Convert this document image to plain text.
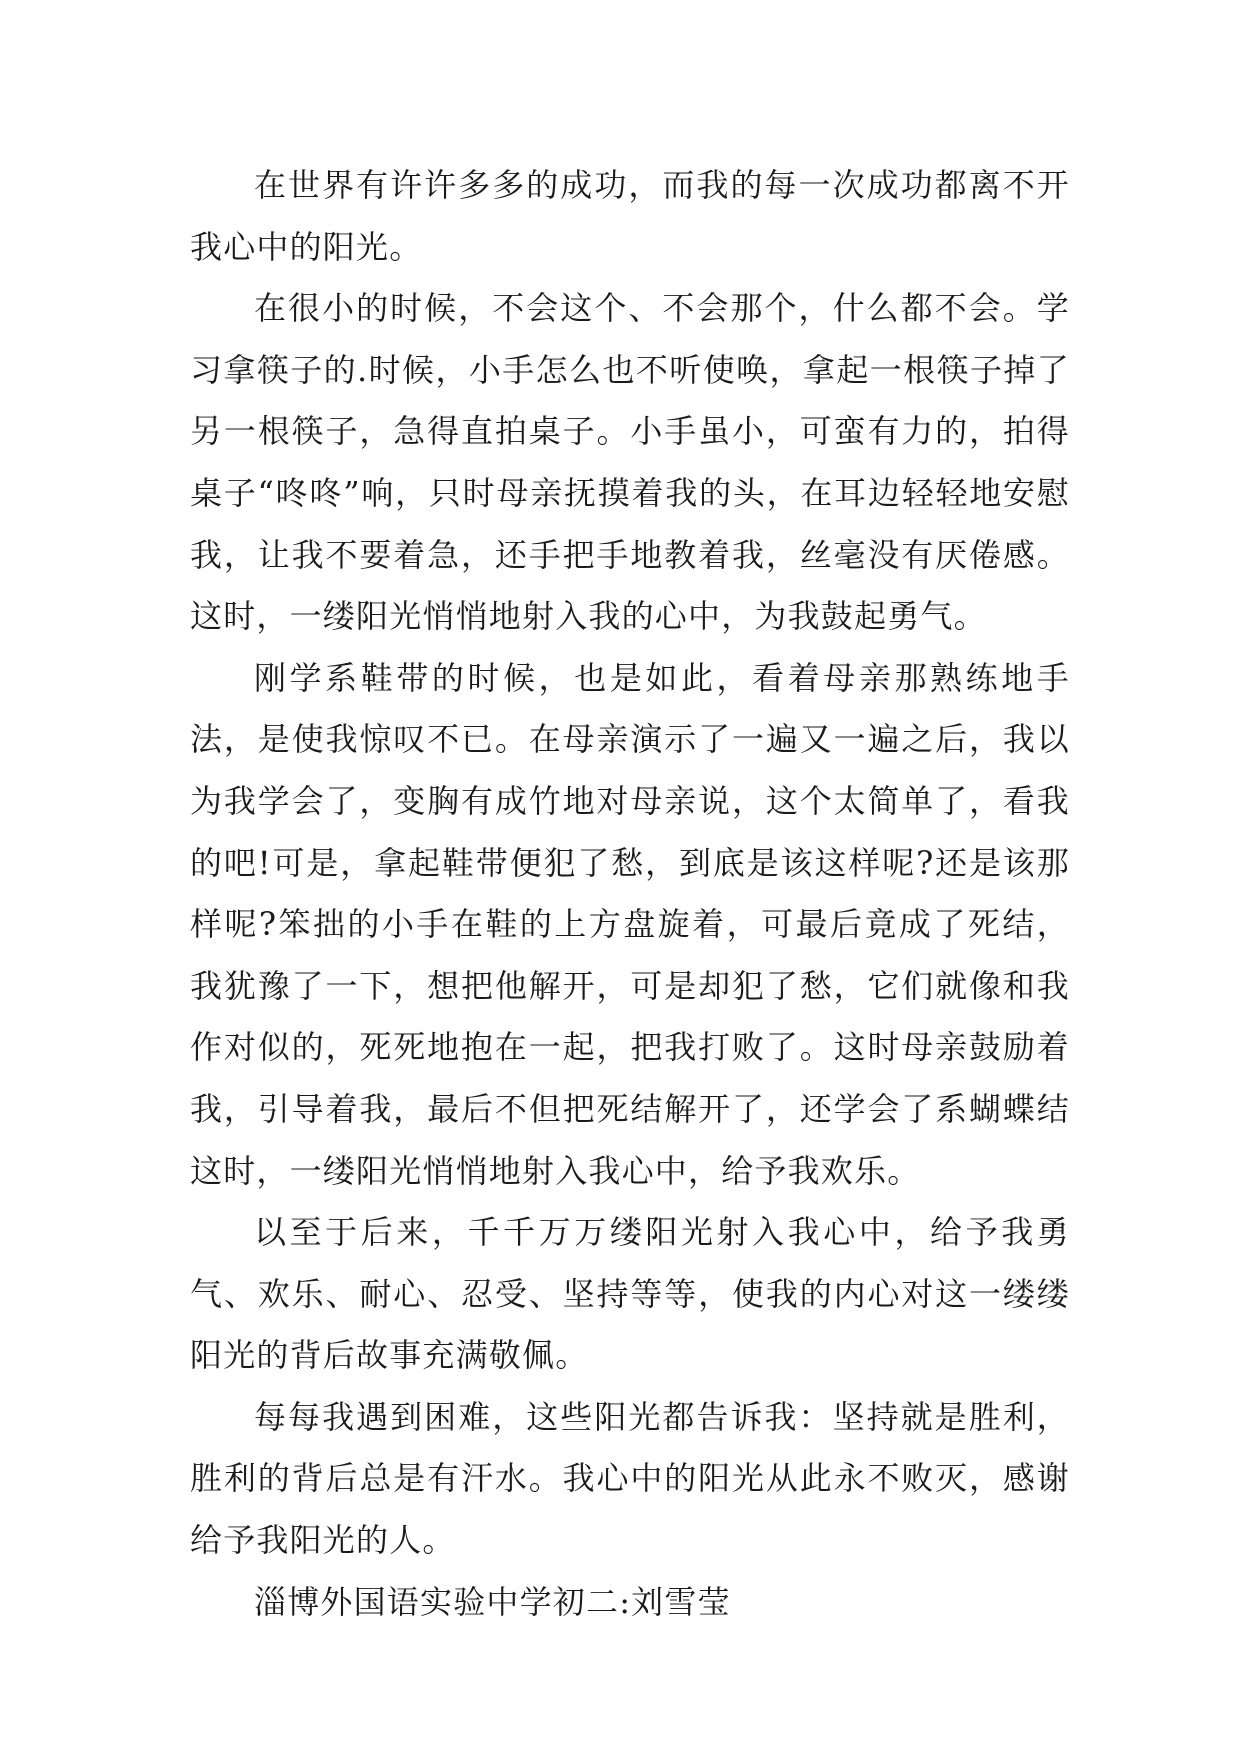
在世界有许许多多的成功，而我的每一次成功都离不开我心中的阳光。

在很小的时候，不会这个、不会那个，什么都不会。学习拿筷子的.时候，小手怎么也不听使唤，拿起一根筷子掉了另一根筷子，急得直拍桌子。小手虽小，可蛮有力的，拍得桌子“咚咚”响，只时母亲抚摸着我的头，在耳边轻轻地安慰我，让我不要着急，还手把手地教着我，丝毫没有厌倦感。这时，一缕阳光悄悄地射入我的心中，为我鼓起勇气。

刚学系鞋带的时候，也是如此，看着母亲那熟练地手法，是使我惊叹不已。在母亲演示了一遍又一遍之后，我以为我学会了，变胸有成竹地对母亲说，这个太简单了，看我的吧!可是，拿起鞋带便犯了愁，到底是该这样呢?还是该那样呢?笨拙的小手在鞋的上方盘旋着，可最后竟成了死结，我犹豫了一下，想把他解开，可是却犯了愁，它们就像和我作对似的，死死地抱在一起，把我打败了。这时母亲鼓励着我，引导着我，最后不但把死结解开了，还学会了系蝴蝶结这时，一缕阳光悄悄地射入我心中，给予我欢乐。

以至于后来，千千万万缕阳光射入我心中，给予我勇气、欢乐、耐心、忍受、坚持等等，使我的内心对这一缕缕阳光的背后故事充满敬佩。

每每我遇到困难，这些阳光都告诉我：坚持就是胜利，胜利的背后总是有汗水。我心中的阳光从此永不败灭，感谢给予我阳光的人。

淄博外国语实验中学初二:刘雪莹
